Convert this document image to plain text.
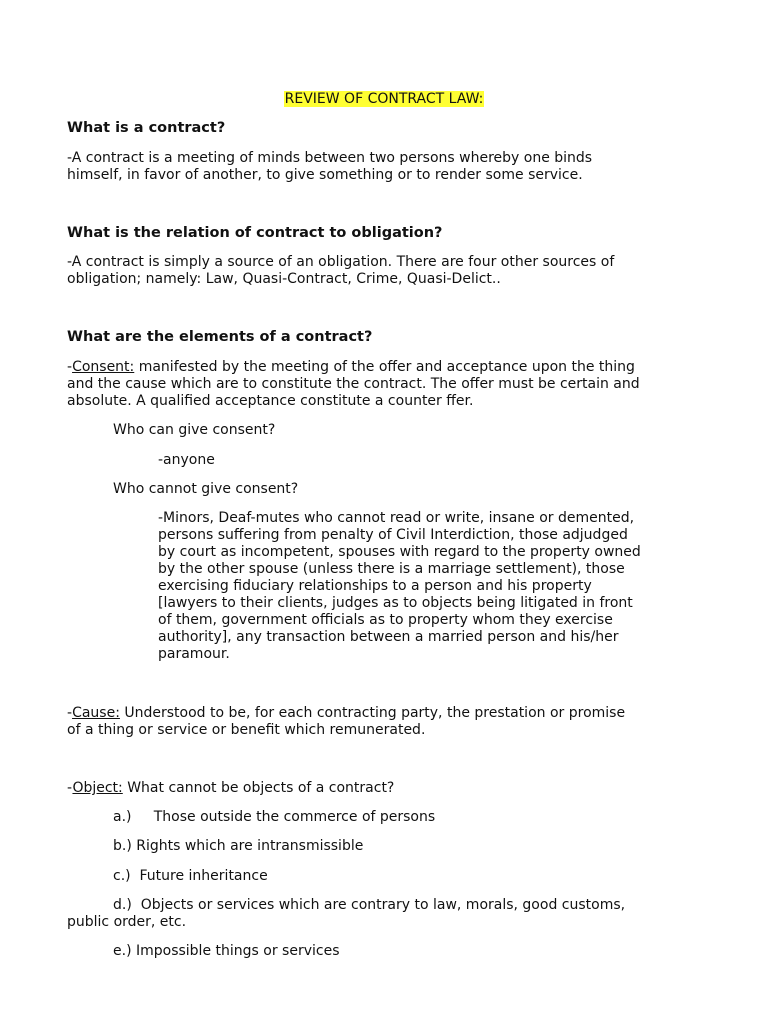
REVIEW OF CONTRACT LAW:
What is a contract?
-A contract is a meeting of minds between two persons whereby one binds
himself, in favor of another, to give something or to render some service.
What is the relation of contract to obligation?
-A contract is simply a source of an obligation. There are four other sources of
obligation; namely: Law, Quasi-Contract, Crime, Quasi-Delict..
What are the elements of a contract?
-Consent: manifested by the meeting of the offer and acceptance upon the thing
and the cause which are to constitute the contract. The offer must be certain and
absolute. A qualified acceptance constitute a counter ffer.
Who can give consent?
-anyone
Who cannot give consent?
-Minors, Deaf-mutes who cannot read or write, insane or demented,
persons suffering from penalty of Civil Interdiction, those adjudged
by court as incompetent, spouses with regard to the property owned
by the other spouse (unless there is a marriage settlement), those
exercising fiduciary relationships to a person and his property
[lawyers to their clients, judges as to objects being litigated in front
of them, government officials as to property whom they exercise
authority], any transaction between a married person and his/her
paramour.
-Cause: Understood to be, for each contracting party, the prestation or promise
of a thing or service or benefit which remunerated.
-Object: What cannot be objects of a contract?
a.)     Those outside the commerce of persons
b.) Rights which are intransmissible
c.)  Future inheritance
d.)  Objects or services which are contrary to law, morals, good customs,
public order, etc.
e.) Impossible things or services
